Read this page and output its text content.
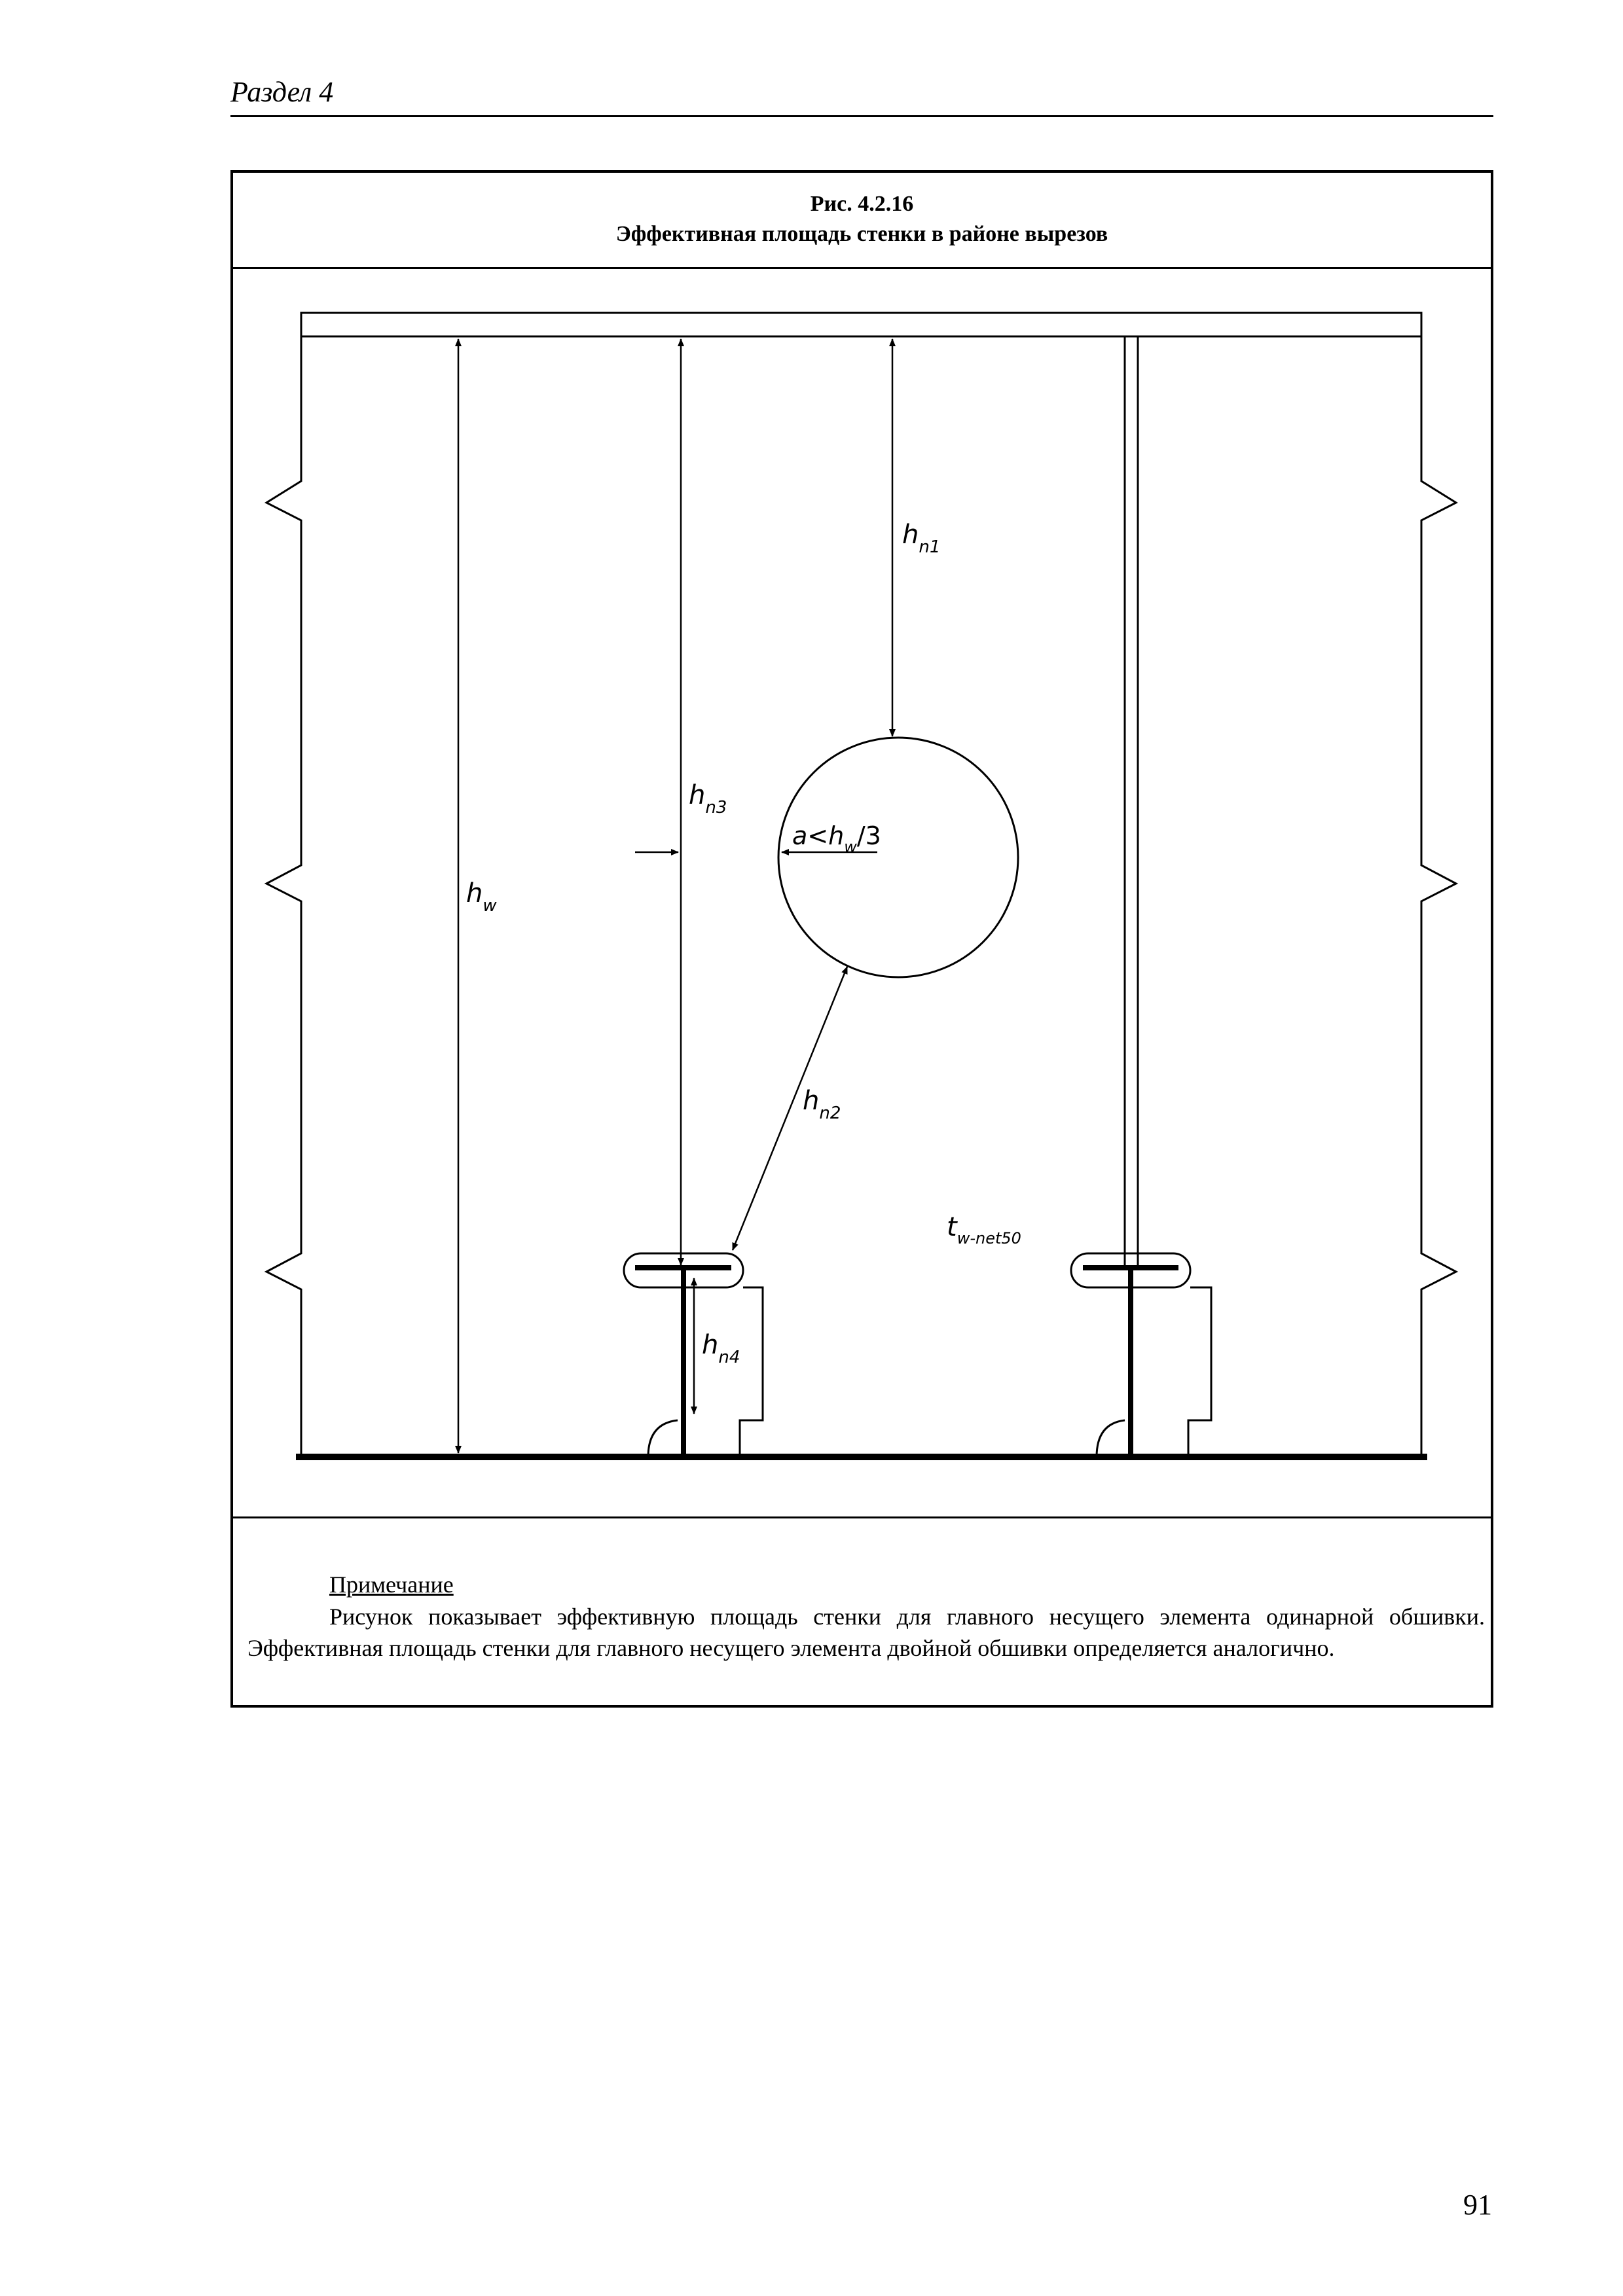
Раздел 4
Рис. 4.2.16
Эффективная площадь стенки в районе вырезов
Примечание
Рисунок показывает эффективную площадь стенки для главного несущего элемента одинарной обшивки. Эффективная площадь стенки для главного несущего элемента двойной обшивки определяется аналогично.
$h_{n1}$
$h_{n3}$
$h_w$
$h_{n2}$
$h_{n4}$
$a<h_w/3$
$t_{w-net50}$
91
